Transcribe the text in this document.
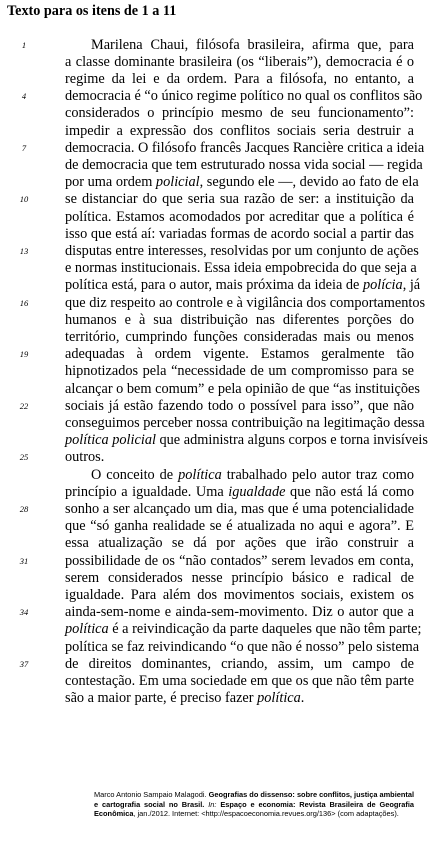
Texto para os itens de 1 a 11
Marilena Chaui, filósofa brasileira, afirma que, para
a classe dominante brasileira (os “liberais”), democracia é o
regime da lei e da ordem. Para a filósofa, no entanto, a
democracia é “o único regime político no qual os conflitos são
considerados o princípio mesmo de seu funcionamento”:
impedir a expressão dos conflitos sociais seria destruir a
democracia. O filósofo francês Jacques Rancière critica a ideia
de democracia que tem estruturado nossa vida social — regida
por uma ordem policial, segundo ele —, devido ao fato de ela
se distanciar do que seria sua razão de ser: a instituição da
política. Estamos acomodados por acreditar que a política é
isso que está aí: variadas formas de acordo social a partir das
disputas entre interesses, resolvidas por um conjunto de ações
e normas institucionais. Essa ideia empobrecida do que seja a
política está, para o autor, mais próxima da ideia de polícia, já
que diz respeito ao controle e à vigilância dos comportamentos
humanos e à sua distribuição nas diferentes porções do
território, cumprindo funções consideradas mais ou menos
adequadas à ordem vigente. Estamos geralmente tão
hipnotizados pela “necessidade de um compromisso para se
alcançar o bem comum” e pela opinião de que “as instituições
sociais já estão fazendo todo o possível para isso”, que não
conseguimos perceber nossa contribuição na legitimação dessa
política policial que administra alguns corpos e torna invisíveis
outros.
O conceito de política trabalhado pelo autor traz como
princípio a igualdade. Uma igualdade que não está lá como
sonho a ser alcançado um dia, mas que é uma potencialidade
que “só ganha realidade se é atualizada no aqui e agora”. E
essa atualização se dá por ações que irão construir a
possibilidade de os “não contados” serem levados em conta,
serem considerados nesse princípio básico e radical de
igualdade. Para além dos movimentos sociais, existem os
ainda-sem-nome e ainda-sem-movimento. Diz o autor que a
política é a reivindicação da parte daqueles que não têm parte;
política se faz reivindicando “o que não é nosso” pelo sistema
de direitos dominantes, criando, assim, um campo de
contestação. Em uma sociedade em que os que não têm parte
são a maior parte, é preciso fazer política.
1
4
7
10
13
16
19
22
25
28
31
34
37
Marco Antonio Sampaio Malagodi. Geografias do dissenso: sobre conflitos, justiça ambiental
e cartografia social no Brasil. In: Espaço e economia: Revista Brasileira de Geografia
Econômica, jan./2012. Internet: <http://espacoeconomia.revues.org/136> (com adaptações).
